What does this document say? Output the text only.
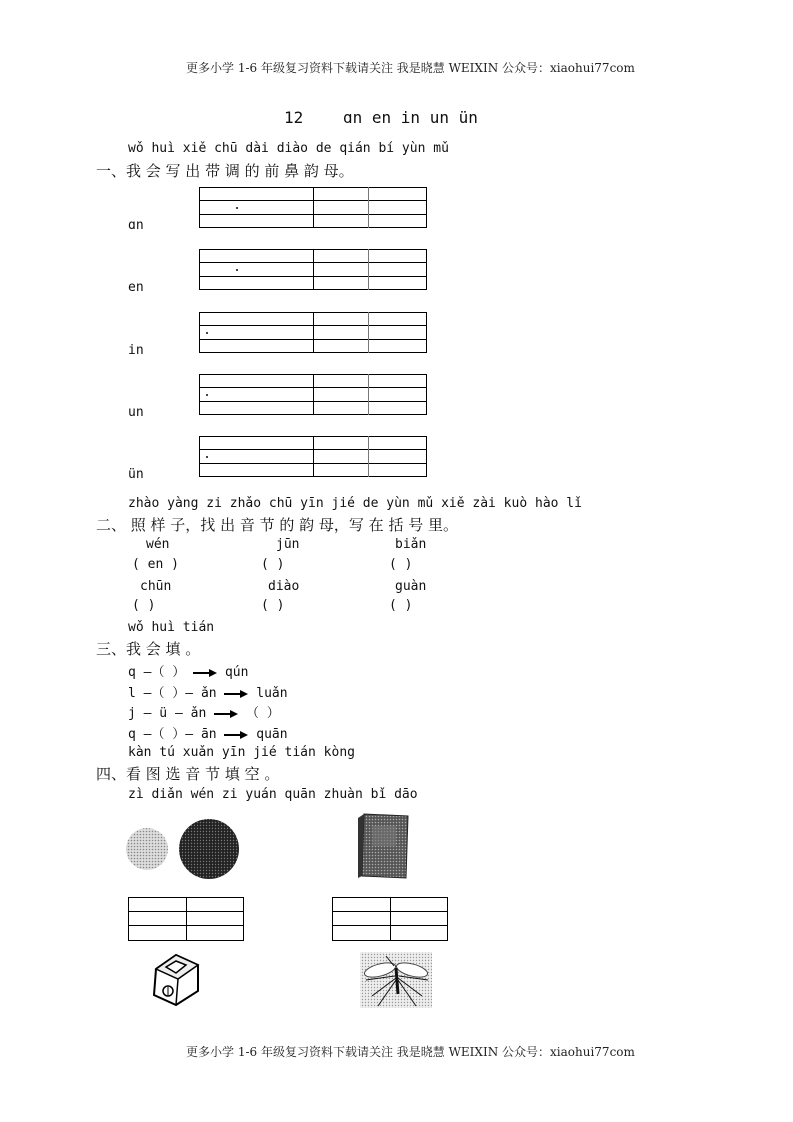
更多小学 1-6 年级复习资料下载请关注 我是晓慧 WEIXIN 公众号：xiaohui77com
12 ɑn en in un ün
wǒ huì xiě chū dài diào de qián bí yùn mǔ
一、我 会 写 出 带 调 的 前 鼻 韵 母。
ɑn
en
in
un
ün
zhào yàng zi zhǎo chū yīn jié de yùn mǔ xiě zài kuò hào lǐ
二、 照 样 子，找 出 音 节 的 韵 母，写 在 括 号 里。
wén	jūn	biǎn
( en )	( )	( )
chūn	diào	guàn
( )	( )	( )
wǒ huì tián
三、我 会 填 。
q —（ ）	qún
l —（ ）— ǎn	luǎn
j — ü — ǎn	（ ）
q —（ ）— ān	quān
kàn tú xuǎn yīn jié tián kòng
四、看 图 选 音 节 填 空 。
zì diǎn wén zi yuán quān zhuàn bǐ dāo
更多小学 1-6 年级复习资料下载请关注 我是晓慧 WEIXIN 公众号：xiaohui77com
